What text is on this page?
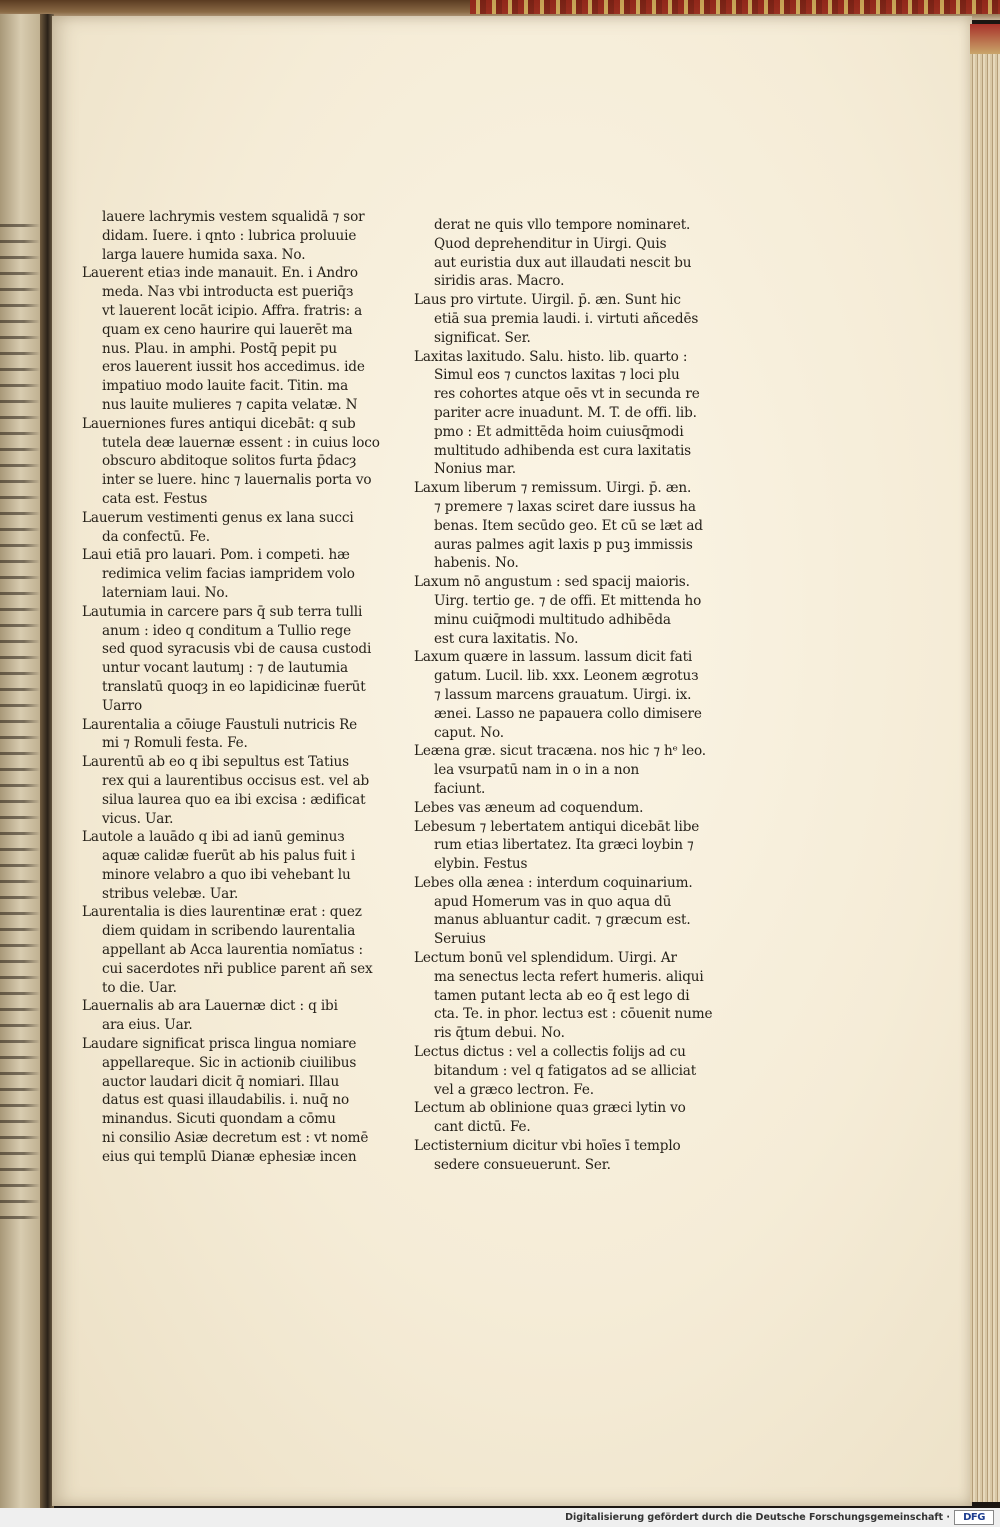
lauere lachrymis vestem squalidā ⁊ sor
didam. Iuere. i qnto : lubrica proluuie
larga lauere humida saxa. No.
Lauerent etiaз inde manauit. En. i Andro
meda. Naз vbi introducta est pueriq̄з
vt lauerent locāt icipio. Affra. fratris: a
quam ex ceno haurire qui lauerēt ma
nus. Plau. in amphi. Postq̄ pepit pu
eros lauerent iussit hos accedimus. ide
impatiuo modo lauite facit. Titin. ma
nus lauite mulieres ⁊ capita velatæ. N
Lauerniones fures antiqui dicebāt: q sub
tutela deæ lauernæ essent : in cuius loco
obscuro abditoque solitos furta p̄dacȝ
inter se luere. hinc ⁊ lauernalis porta vo
cata est. Festus
Lauerum vestimenti genus ex lana succi
da confectū. Fe.
Laui etiā pro lauari. Pom. i competi. hæ
redimica velim facias iampridem volo
laterniam laui. No.
Lautumia in carcere pars q̄ sub terra tulli
anum : ideo q conditum a Tullio rege
sed quod syracusis vbi de causa custodi
untur vocant lautumȷ : ⁊ de lautumia
translatū quoqȝ in eo lapidicinæ fuerūt
Uarro
Laurentalia a cōiuge Faustuli nutricis Re
mi ⁊ Romuli festa. Fe.
Laurentū ab eo q ibi sepultus est Tatius
rex qui a laurentibus occisus est. vel ab
silua laurea quo ea ibi excisa : ædificat
vicus. Uar.
Lautole a lauādo q ibi ad ianū geminuз
aquæ calidæ fuerūt ab his palus fuit i
minore velabro a quo ibi vehebant lu
stribus velebæ. Uar.
Laurentalia is dies laurentinæ erat : quez
diem quidam in scribendo laurentalia
appellant ab Acca laurentia nomīatus :
cui sacerdotes nr̄i publice parent añ sex
to die. Uar.
Lauernalis ab ara Lauernæ dict : q ibi
ara eius. Uar.
Laudare significat prisca lingua nomiare
appellareque. Sic in actionib ciuilibus
auctor laudari dicit q̄ nomiari. Illau
datus est quasi illaudabilis. i. nuq̄ no
minandus. Sicuti quondam a cōmu
ni consilio Asiæ decretum est : vt nomē
eius qui templū Dianæ ephesiæ incen
derat ne quis vllo tempore nominaret.
Quod deprehenditur in Uirgi. Quis
aut euristia dux aut illaudati nescit bu
siridis aras. Macro.
Laus pro virtute. Uirgil. p̄. æn. Sunt hic
etiā sua premia laudi. i. virtuti añcedēs
significat. Ser.
Laxitas laxitudo. Salu. histo. lib. quarto :
Simul eos ⁊ cunctos laxitas ⁊ loci plu
res cohortes atque oēs vt in secunda re
pariter acre inuadunt. M. T. de offi. lib.
pmo : Et admittēda hoim cuiusq̄modi
multitudo adhibenda est cura laxitatis
Nonius mar.
Laxum liberum ⁊ remissum. Uirgi. p̄. æn.
⁊ premere ⁊ laxas sciret dare iussus ha
benas. Item secūdo geo. Et cū se læt ad
auras palmes agit laxis p puꝫ immissis
habenis. No.
Laxum nō angustum : sed spacij maioris.
Uirg. tertio ge. ⁊ de offi. Et mittenda ho
minu cuiq̄modi multitudo adhibēda
est cura laxitatis. No.
Laxum quære in lassum. lassum dicit fati
gatum. Lucil. lib. xxx. Leonem ægrotuз
⁊ lassum marcens grauatum. Uirgi. ix.
ænei. Lasso ne papauera collo dimisere
caput. No.
Leæna græ. sicut tracæna. nos hic ⁊ hᵉ leo.
lea vsurpatū nam in o in a non
faciunt.
Lebes vas æneum ad coquendum.
Lebesum ⁊ lebertatem antiqui dicebāt libe
rum etiaз libertatez. Ita græci loybin ⁊
elybin. Festus
Lebes olla ænea : interdum coquinarium.
apud Homerum vas in quo aqua dū
manus abluantur cadit. ⁊ græcum est.
Seruius
Lectum bonū vel splendidum. Uirgi. Ar
ma senectus lecta refert humeris. aliqui
tamen putant lecta ab eo q̄ est lego di
cta. Te. in phor. lectuз est : cōuenit nume
ris q̄tum debui. No.
Lectus dictus : vel a collectis folijs ad cu
bitandum : vel q fatigatos ad se alliciat
vel a græco lectron. Fe.
Lectum ab oblinione quaз græci lytin vo
cant dictū. Fe.
Lectisternium dicitur vbi hoīes ī templo
sedere consueuerunt. Ser.
Digitalisierung gefördert durch die Deutsche Forschungsgemeinschaft ·	DFG
